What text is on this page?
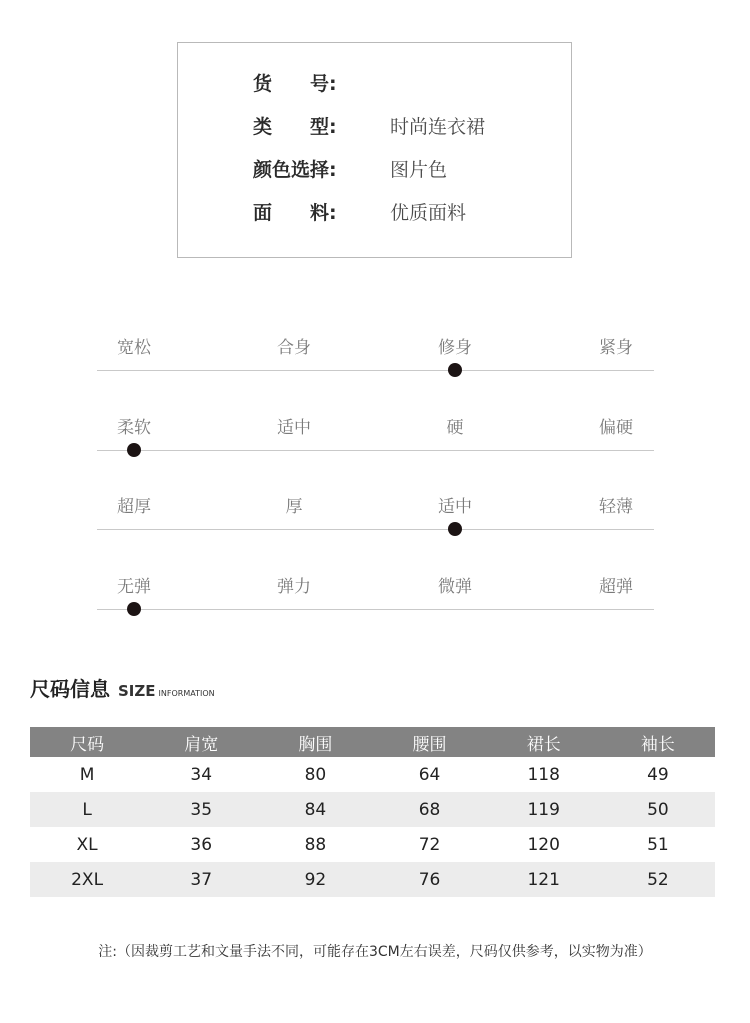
货 号:
类 型:	时尚连衣裙
颜色选择:	图片色
面 料:	优质面料
宽松	合身	修身	紧身
柔软	适中	硬	偏硬
超厚	厚	适中	轻薄
无弹	弹力	微弹	超弹
尺码信息 SIZE INFORMATION
尺码	肩宽	胸围	腰围	裙长	袖长
M	34	80	64	118	49
L	35	84	68	119	50
XL	36	88	72	120	51
2XL	37	92	76	121	52
注:（因裁剪工艺和文量手法不同，可能存在3CM左右误差，尺码仅供参考，以实物为准）
